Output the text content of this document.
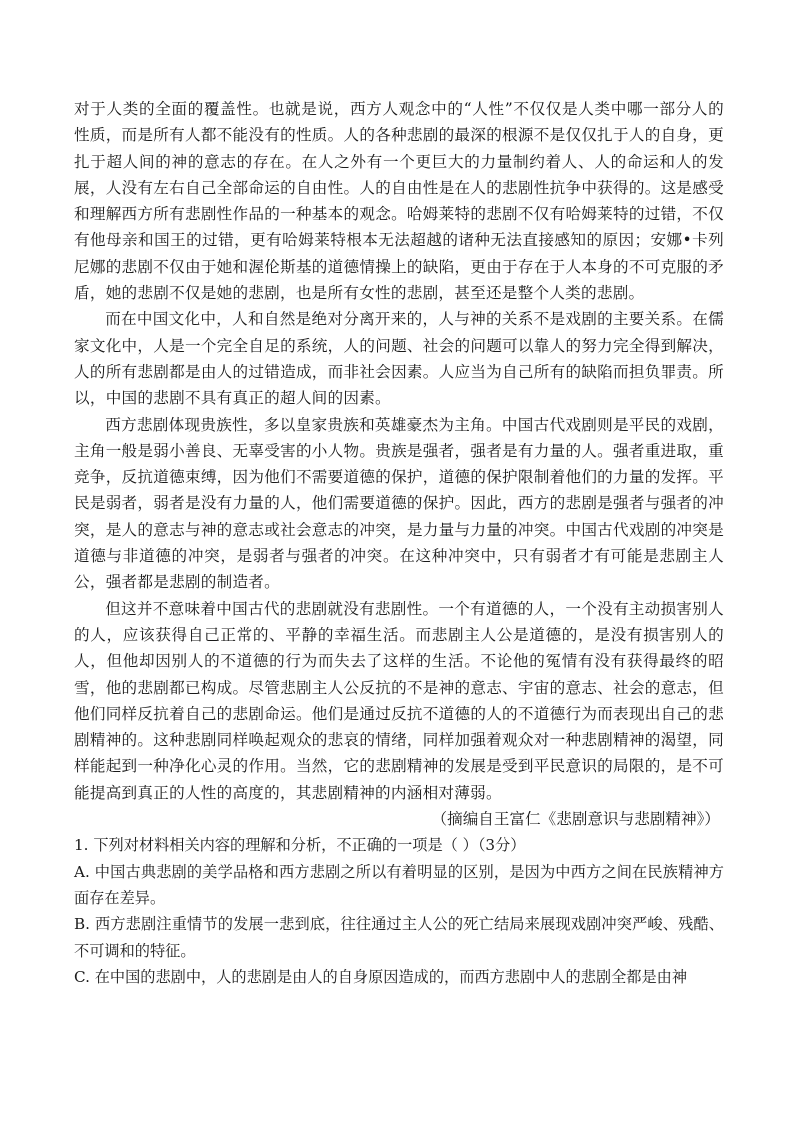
对于人类的全面的覆盖性。也就是说，西方人观念中的“人性”不仅仅是人类中哪一部分人的性质，而是所有人都不能没有的性质。人的各种悲剧的最深的根源不是仅仅扎于人的自身，更扎于超人间的神的意志的存在。在人之外有一个更巨大的力量制约着人、人的命运和人的发展，人没有左右自己全部命运的自由性。人的自由性是在人的悲剧性抗争中获得的。这是感受和理解西方所有悲剧性作品的一种基本的观念。哈姆莱特的悲剧不仅有哈姆莱特的过错，不仅有他母亲和国王的过错，更有哈姆莱特根本无法超越的诸种无法直接感知的原因；安娜•卡列尼娜的悲剧不仅由于她和渥伦斯基的道德情操上的缺陷，更由于存在于人本身的不可克服的矛盾，她的悲剧不仅是她的悲剧，也是所有女性的悲剧，甚至还是整个人类的悲剧。

而在中国文化中，人和自然是绝对分离开来的，人与神的关系不是戏剧的主要关系。在儒家文化中，人是一个完全自足的系统，人的问题、社会的问题可以靠人的努力完全得到解决，人的所有悲剧都是由人的过错造成，而非社会因素。人应当为自己所有的缺陷而担负罪责。所以，中国的悲剧不具有真正的超人间的因素。

西方悲剧体现贵族性，多以皇家贵族和英雄豪杰为主角。中国古代戏剧则是平民的戏剧，主角一般是弱小善良、无辜受害的小人物。贵族是强者，强者是有力量的人。强者重进取，重竞争，反抗道德束缚，因为他们不需要道德的保护，道德的保护限制着他们的力量的发挥。平民是弱者，弱者是没有力量的人，他们需要道德的保护。因此，西方的悲剧是强者与强者的冲突，是人的意志与神的意志或社会意志的冲突，是力量与力量的冲突。中国古代戏剧的冲突是道德与非道德的冲突，是弱者与强者的冲突。在这种冲突中，只有弱者才有可能是悲剧主人公，强者都是悲剧的制造者。

但这并不意味着中国古代的悲剧就没有悲剧性。一个有道德的人，一个没有主动损害别人的人，应该获得自己正常的、平静的幸福生活。而悲剧主人公是道德的，是没有损害别人的人，但他却因别人的不道德的行为而失去了这样的生活。不论他的冤情有没有获得最终的昭雪，他的悲剧都已构成。尽管悲剧主人公反抗的不是神的意志、宇宙的意志、社会的意志，但他们同样反抗着自己的悲剧命运。他们是通过反抗不道德的人的不道德行为而表现出自己的悲剧精神的。这种悲剧同样唤起观众的悲哀的情绪，同样加强着观众对一种悲剧精神的渴望，同样能起到一种净化心灵的作用。当然，它的悲剧精神的发展是受到平民意识的局限的，是不可能提高到真正的人性的高度的，其悲剧精神的内涵相对薄弱。

（摘编自王富仁《悲剧意识与悲剧精神》）

1. 下列对材料相关内容的理解和分析，不正确的一项是（ ）（3分）

A. 中国古典悲剧的美学品格和西方悲剧之所以有着明显的区别，是因为中西方之间在民族精神方面存在差异。

B. 西方悲剧注重情节的发展一悲到底，往往通过主人公的死亡结局来展现戏剧冲突严峻、残酷、不可调和的特征。

C. 在中国的悲剧中，人的悲剧是由人的自身原因造成的，而西方悲剧中人的悲剧全都是由神
